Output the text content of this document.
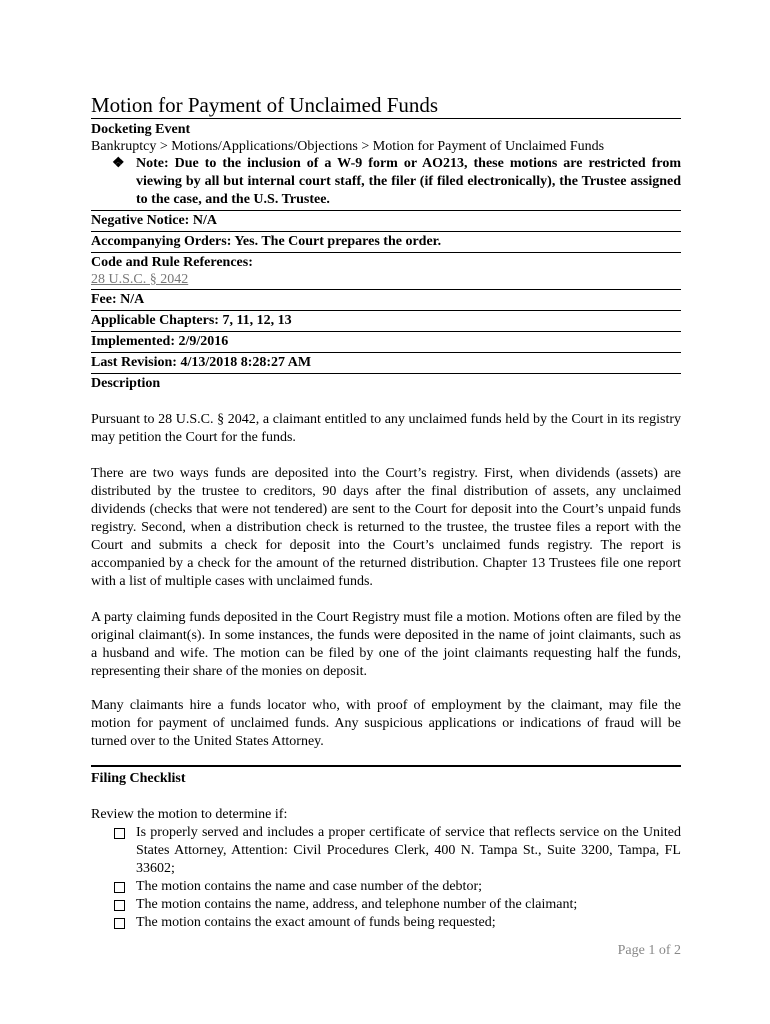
Motion for Payment of Unclaimed Funds
Docketing Event
Bankruptcy > Motions/Applications/Objections > Motion for Payment of Unclaimed Funds
❖ Note: Due to the inclusion of a W-9 form or AO213, these motions are restricted from viewing by all but internal court staff, the filer (if filed electronically), the Trustee assigned to the case, and the U.S. Trustee.
Negative Notice: N/A
Accompanying Orders: Yes. The Court prepares the order.
Code and Rule References:
28 U.S.C. § 2042
Fee: N/A
Applicable Chapters: 7, 11, 12, 13
Implemented: 2/9/2016
Last Revision: 4/13/2018 8:28:27 AM
Description
Pursuant to 28 U.S.C. § 2042, a claimant entitled to any unclaimed funds held by the Court in its registry may petition the Court for the funds.
There are two ways funds are deposited into the Court’s registry. First, when dividends (assets) are distributed by the trustee to creditors, 90 days after the final distribution of assets, any unclaimed dividends (checks that were not tendered) are sent to the Court for deposit into the Court’s unpaid funds registry. Second, when a distribution check is returned to the trustee, the trustee files a report with the Court and submits a check for deposit into the Court’s unclaimed funds registry. The report is accompanied by a check for the amount of the returned distribution. Chapter 13 Trustees file one report with a list of multiple cases with unclaimed funds.
A party claiming funds deposited in the Court Registry must file a motion. Motions often are filed by the original claimant(s). In some instances, the funds were deposited in the name of joint claimants, such as a husband and wife. The motion can be filed by one of the joint claimants requesting half the funds, representing their share of the monies on deposit.
Many claimants hire a funds locator who, with proof of employment by the claimant, may file the motion for payment of unclaimed funds. Any suspicious applications or indications of fraud will be turned over to the United States Attorney.
Filing Checklist
Review the motion to determine if:
Is properly served and includes a proper certificate of service that reflects service on the United States Attorney, Attention: Civil Procedures Clerk, 400 N. Tampa St., Suite 3200, Tampa, FL 33602;
The motion contains the name and case number of the debtor;
The motion contains the name, address, and telephone number of the claimant;
The motion contains the exact amount of funds being requested;
Page 1 of 2
